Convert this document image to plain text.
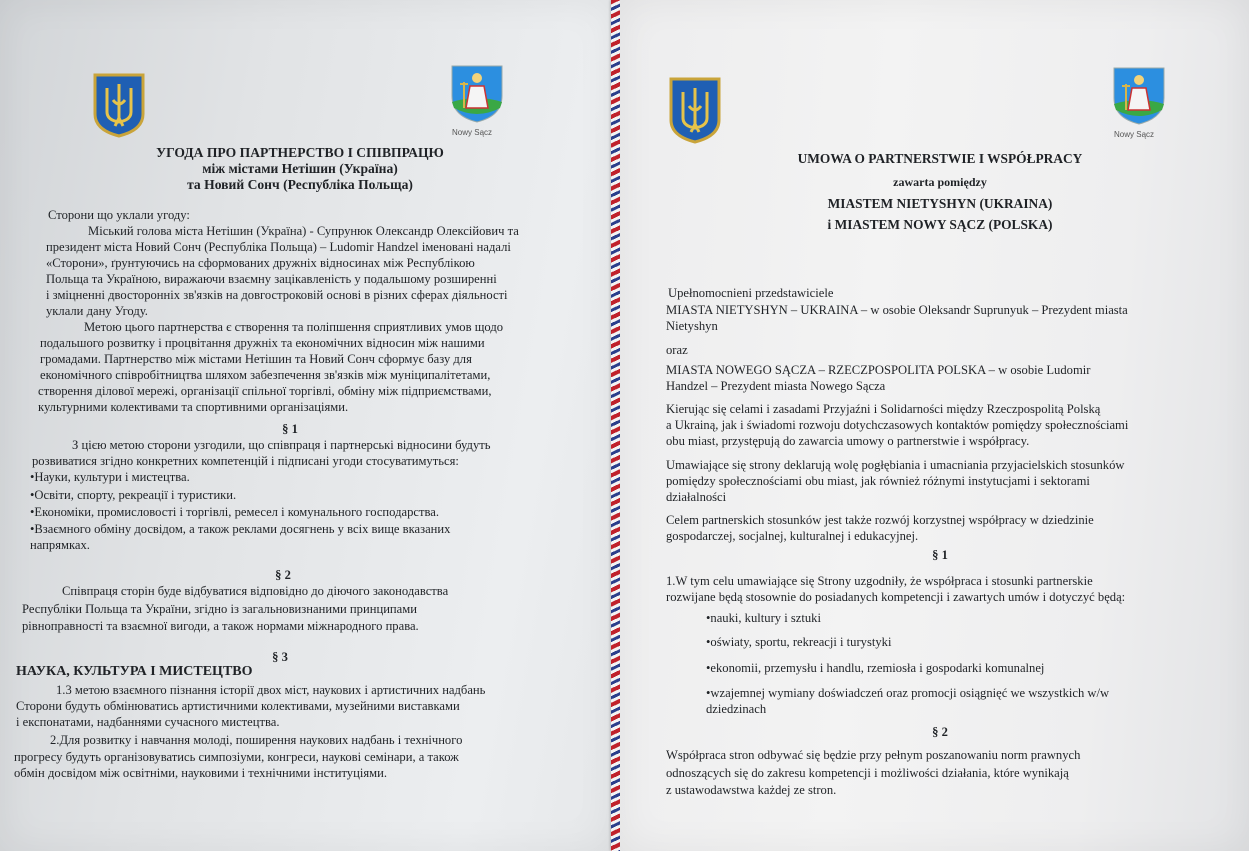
Nowy Sącz
УГОДА ПРО ПАРТНЕРСТВО І СПІВПРАЦЮ
між містами Нетішин (Україна)
та Новий Сонч (Республіка Польща)
Сторони що уклали угоду:
Міський голова міста Нетішин (Україна) - Супрунюк Олександр Олексійович та
президент міста Новий Сонч (Республіка Польща) – Ludomir Handzel іменовані надалі
«Сторони», ґрунтуючись на сформованих дружніх відносинах між Республікою
Польща та Україною, виражаючи взаємну зацікавленість у подальшому розширенні
і зміцненні двосторонніх зв'язків на довгостроковій основі в різних сферах діяльності
уклали дану Угоду.
Метою цього партнерства є створення та поліпшення сприятливих умов щодо
подальшого розвитку і процвітання дружніх та економічних відносин між нашими
громадами. Партнерство між містами Нетішин та Новий Сонч сформує базу для
економічного співробітництва шляхом забезпечення зв'язків між муніципалітетами,
створення ділової мережі, організації спільної торгівлі, обміну між підприємствами,
культурними колективами та спортивними організаціями.
§ 1
З цією метою сторони узгодили, що співпраця і партнерські відносини будуть
розвиватися згідно конкретних компетенцій і підписані угоди стосуватимуться:
•Науки, культури і мистецтва.
•Освіти, спорту, рекреації і туристики.
•Економіки, промисловості і торгівлі, ремесел і комунального господарства.
•Взаємного обміну досвідом, а також реклами досягнень у всіх вище вказаних
напрямках.
§ 2
Співпраця сторін буде відбуватися відповідно до діючого законодавства
Республіки Польща та України, згідно із загальновизнаними принципами
рівноправності та взаємної вигоди, а також нормами міжнародного права.
§ 3
НАУКА, КУЛЬТУРА І МИСТЕЦТВО
1.3 метою взаємного пізнання історії двох міст, наукових і артистичних надбань
Сторони будуть обмінюватись артистичними колективами, музейними виставками
і експонатами, надбаннями сучасного мистецтва.
2.Для розвитку і навчання молоді, поширення наукових надбань і технічного
прогресу будуть організовуватись симпозіуми, конгреси, наукові семінари, а також
обмін досвідом між освітніми, науковими і технічними інституціями.
Nowy Sącz
UMOWA O PARTNERSTWIE I WSPÓŁPRACY
zawarta pomiędzy
MIASTEM NIETYSHYN (UKRAINA)
i MIASTEM NOWY SĄCZ (POLSKA)
Upełnomocnieni przedstawiciele
MIASTA NIETYSHYN – UKRAINA – w osobie Oleksandr Suprunyuk – Prezydent miasta
Nietyshyn
oraz
MIASTA NOWEGO SĄCZA – RZECZPOSPOLITA POLSKA – w osobie Ludomir
Handzel – Prezydent miasta Nowego Sącza
Kierując się celami i zasadami Przyjaźni i Solidarności między Rzeczpospolitą Polską
a Ukrainą, jak i świadomi rozwoju dotychczasowych kontaktów pomiędzy społecznościami
obu miast, przystępują do zawarcia umowy o partnerstwie i współpracy.
Umawiające się strony deklarują wolę pogłębiania i umacniania przyjacielskich stosunków
pomiędzy społecznościami obu miast, jak również różnymi instytucjami i sektorami
działalności
Celem partnerskich stosunków jest także rozwój korzystnej współpracy w dziedzinie
gospodarczej, socjalnej, kulturalnej i edukacyjnej.
§ 1
1.W tym celu umawiające się Strony uzgodniły, że współpraca i stosunki partnerskie
rozwijane będą stosownie do posiadanych kompetencji i zawartych umów i dotyczyć będą:
•nauki, kultury i sztuki
•oświaty, sportu, rekreacji i turystyki
•ekonomii, przemysłu i handlu, rzemiosła i gospodarki komunalnej
•wzajemnej wymiany doświadczeń oraz promocji osiągnięć we wszystkich w/w
dziedzinach
§ 2
Współpraca stron odbywać się będzie przy pełnym poszanowaniu norm prawnych
odnoszących się do zakresu kompetencji i możliwości działania, które wynikają
z ustawodawstwa każdej ze stron.
